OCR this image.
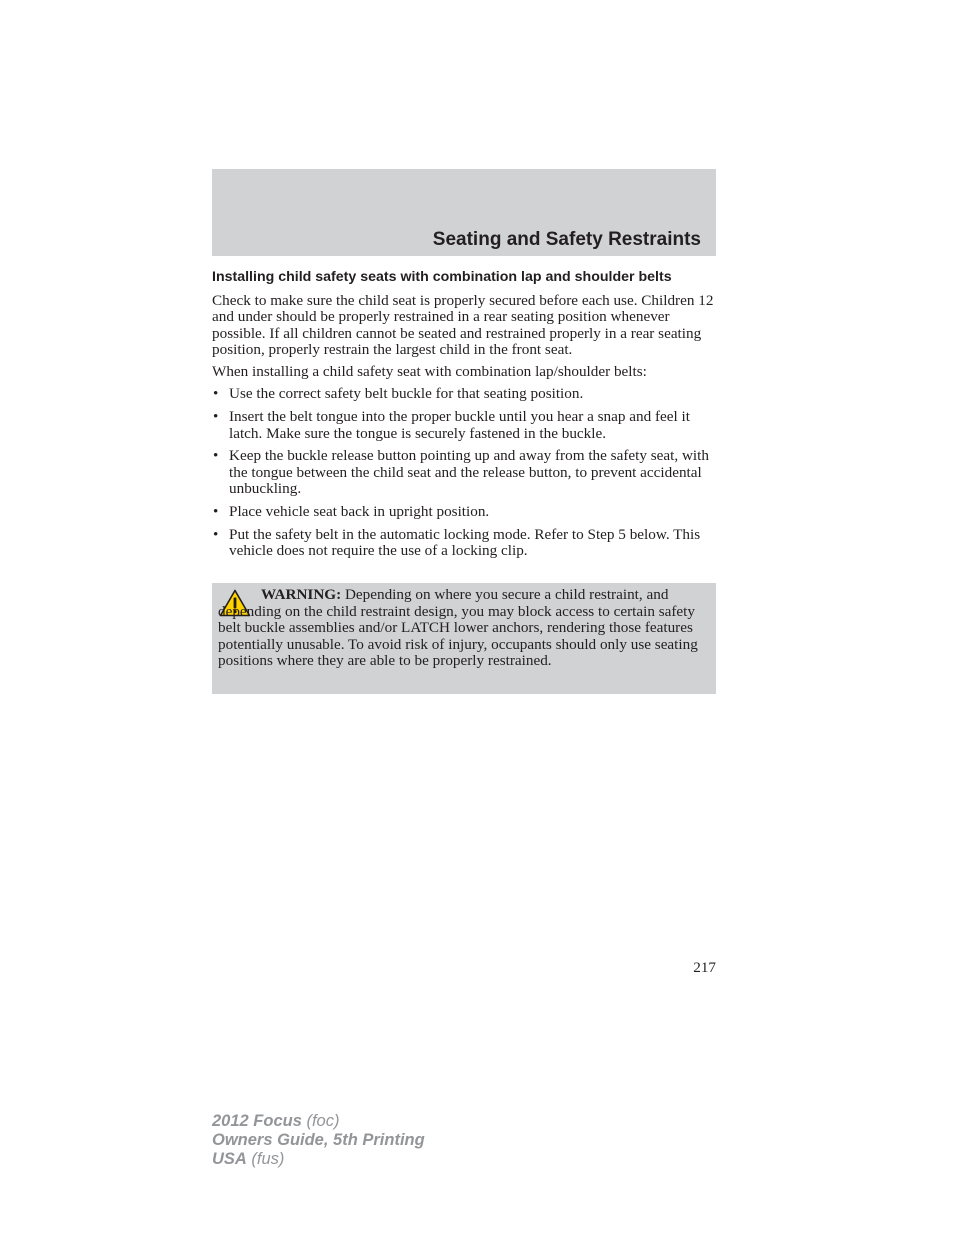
Seating and Safety Restraints
Installing child safety seats with combination lap and shoulder belts

Check to make sure the child seat is properly secured before each use. Children 12 and under should be properly restrained in a rear seating position whenever possible. If all children cannot be seated and restrained properly in a rear seating position, properly restrain the largest child in the front seat.

When installing a child safety seat with combination lap/shoulder belts:

• Use the correct safety belt buckle for that seating position.
• Insert the belt tongue into the proper buckle until you hear a snap and feel it latch. Make sure the tongue is securely fastened in the buckle.
• Keep the buckle release button pointing up and away from the safety seat, with the tongue between the child seat and the release button, to prevent accidental unbuckling.
• Place vehicle seat back in upright position.
• Put the safety belt in the automatic locking mode. Refer to Step 5 below. This vehicle does not require the use of a locking clip.

WARNING: Depending on where you secure a child restraint, and depending on the child restraint design, you may block access to certain safety belt buckle assemblies and/or LATCH lower anchors, rendering those features potentially unusable. To avoid risk of injury, occupants should only use seating positions where they are able to be properly restrained.

217
2012 Focus (foc)
Owners Guide, 5th Printing
USA (fus)
